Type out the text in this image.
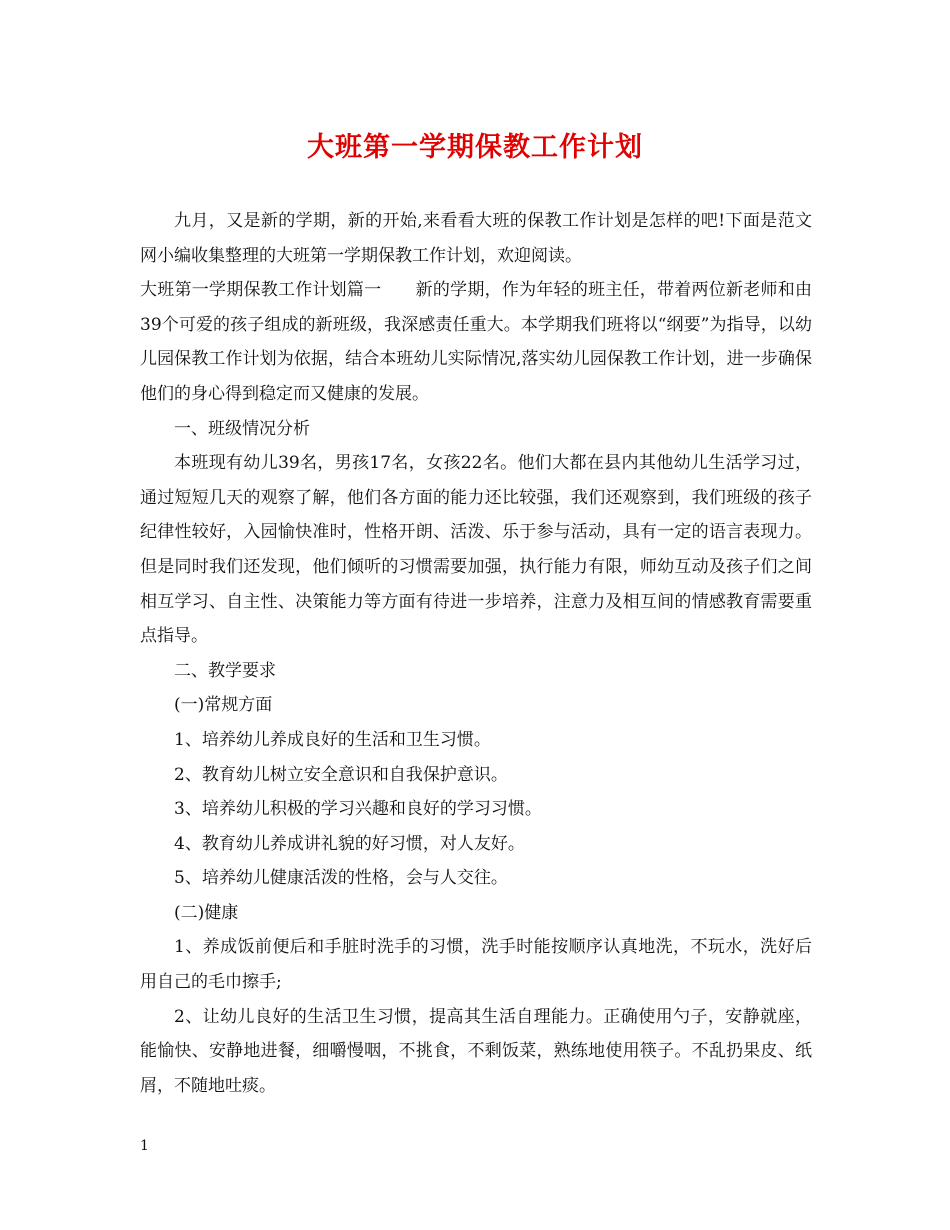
大班第一学期保教工作计划

九月，又是新的学期，新的开始,来看看大班的保教工作计划是怎样的吧!下面是范文网小编收集整理的大班第一学期保教工作计划，欢迎阅读。

大班第一学期保教工作计划篇一 新的学期，作为年轻的班主任，带着两位新老师和由39个可爱的孩子组成的新班级，我深感责任重大。本学期我们班将以“纲要”为指导，以幼儿园保教工作计划为依据，结合本班幼儿实际情况,落实幼儿园保教工作计划，进一步确保他们的身心得到稳定而又健康的发展。

一、班级情况分析

本班现有幼儿39名，男孩17名，女孩22名。他们大都在县内其他幼儿生活学习过，通过短短几天的观察了解，他们各方面的能力还比较强，我们还观察到，我们班级的孩子纪律性较好，入园愉快准时，性格开朗、活泼、乐于参与活动，具有一定的语言表现力。但是同时我们还发现，他们倾听的习惯需要加强，执行能力有限，师幼互动及孩子们之间相互学习、自主性、决策能力等方面有待进一步培养，注意力及相互间的情感教育需要重点指导。

二、教学要求

(一)常规方面

1、培养幼儿养成良好的生活和卫生习惯。

2、教育幼儿树立安全意识和自我保护意识。

3、培养幼儿积极的学习兴趣和良好的学习习惯。

4、教育幼儿养成讲礼貌的好习惯，对人友好。

5、培养幼儿健康活泼的性格，会与人交往。

(二)健康

1、养成饭前便后和手脏时洗手的习惯，洗手时能按顺序认真地洗，不玩水，洗好后用自己的毛巾擦手;

2、让幼儿良好的生活卫生习惯，提高其生活自理能力。正确使用勺子，安静就座，能愉快、安静地进餐，细嚼慢咽，不挑食，不剩饭菜，熟练地使用筷子。不乱扔果皮、纸屑，不随地吐痰。

1
